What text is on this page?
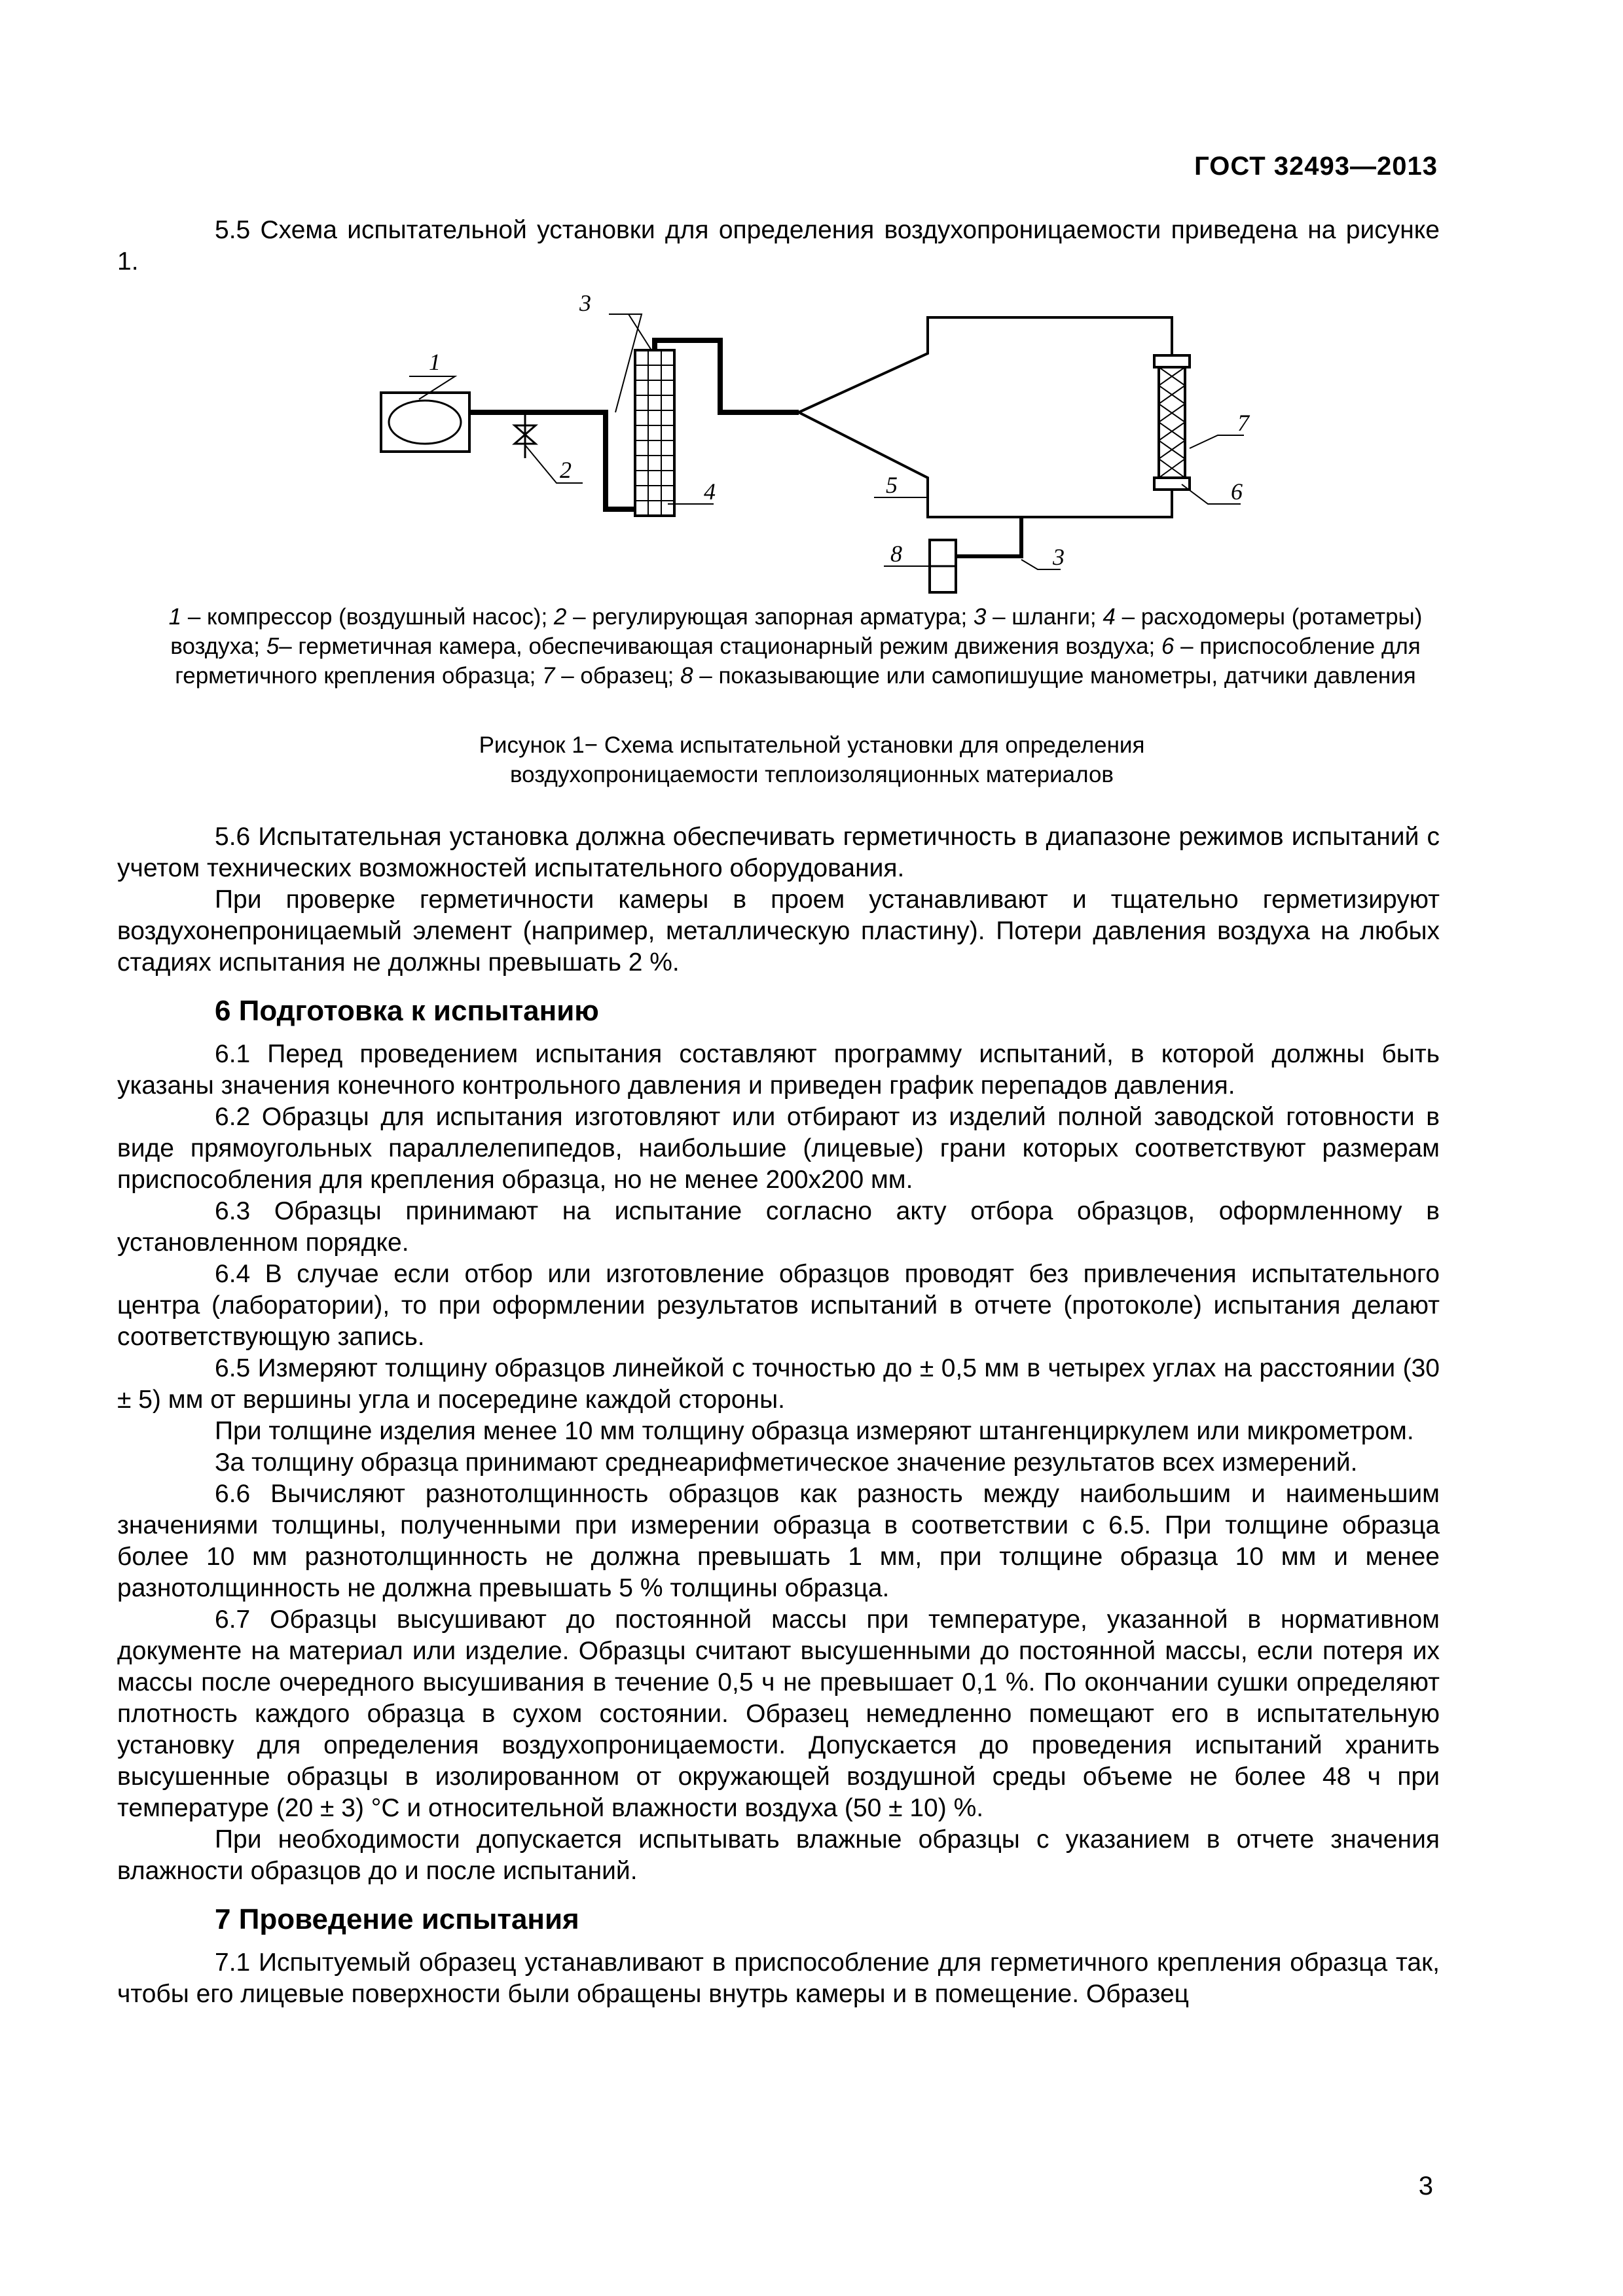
ГОСТ 32493—2013

5.5 Схема испытательной установки для определения воздухопроницаемости приведена на рисунке 1.

1
2
3
4	5	6
7
8	3
1 – компрессор (воздушный насос); 2 – регулирующая запорная арматура; 3 – шланги; 4 – расходомеры (ротаметры) воздуха; 5– герметичная камера, обеспечивающая стационарный режим движения воздуха; 6 – приспособление для герметичного крепления образца; 7 – образец; 8 – показывающие или самопишущие манометры, датчики давления
Рисунок 1− Схема испытательной установки для определения
воздухопроницаемости теплоизоляционных материалов

5.6 Испытательная установка должна обеспечивать герметичность в диапазоне режимов испытаний с учетом технических возможностей испытательного оборудования.

При проверке герметичности камеры в проем устанавливают и тщательно герметизируют воздухонепроницаемый элемент (например, металлическую пластину). Потери давления воздуха на любых стадиях испытания не должны превышать 2 %.

6 Подготовка к испытанию

6.1 Перед проведением испытания составляют программу испытаний, в которой должны быть указаны значения конечного контрольного давления и приведен график перепадов давления.

6.2 Образцы для испытания изготовляют или отбирают из изделий полной заводской готовности в виде прямоугольных параллелепипедов, наибольшие (лицевые) грани которых соответствуют размерам приспособления для крепления образца, но не менее 200х200 мм.

6.3 Образцы принимают на испытание согласно акту отбора образцов, оформленному в установленном порядке.

6.4 В случае если отбор или изготовление образцов проводят без привлечения испытательного центра (лаборатории), то при оформлении результатов испытаний в отчете (протоколе) испытания делают соответствующую запись.

6.5 Измеряют толщину образцов линейкой с точностью до ± 0,5 мм в четырех углах на расстоянии (30 ± 5) мм от вершины угла и посередине каждой стороны.

При толщине изделия менее 10 мм толщину образца измеряют штангенциркулем или микрометром.

За толщину образца принимают среднеарифметическое значение результатов всех измерений.

6.6 Вычисляют разнотолщинность образцов как разность между наибольшим и наименьшим значениями толщины, полученными при измерении образца в соответствии с 6.5. При толщине образца более 10 мм разнотолщинность не должна превышать 1 мм, при толщине образца 10 мм и менее разнотолщинность не должна превышать 5 % толщины образца.

6.7 Образцы высушивают до постоянной массы при температуре, указанной в нормативном документе на материал или изделие. Образцы считают высушенными до постоянной массы, если потеря их массы после очередного высушивания в течение 0,5 ч не превышает 0,1 %. По окончании сушки определяют плотность каждого образца в сухом состоянии. Образец немедленно помещают его в испытательную установку для определения воздухопроницаемости. Допускается до проведения испытаний хранить высушенные образцы в изолированном от окружающей воздушной среды объеме не более 48 ч при температуре (20 ± 3) °С и относительной влажности воздуха (50 ± 10) %.

При необходимости допускается испытывать влажные образцы с указанием в отчете значения влажности образцов до и после испытаний.

7 Проведение испытания

7.1 Испытуемый образец устанавливают в приспособление для герметичного крепления образца так, чтобы его лицевые поверхности были обращены внутрь камеры и в помещение. Образец

3
